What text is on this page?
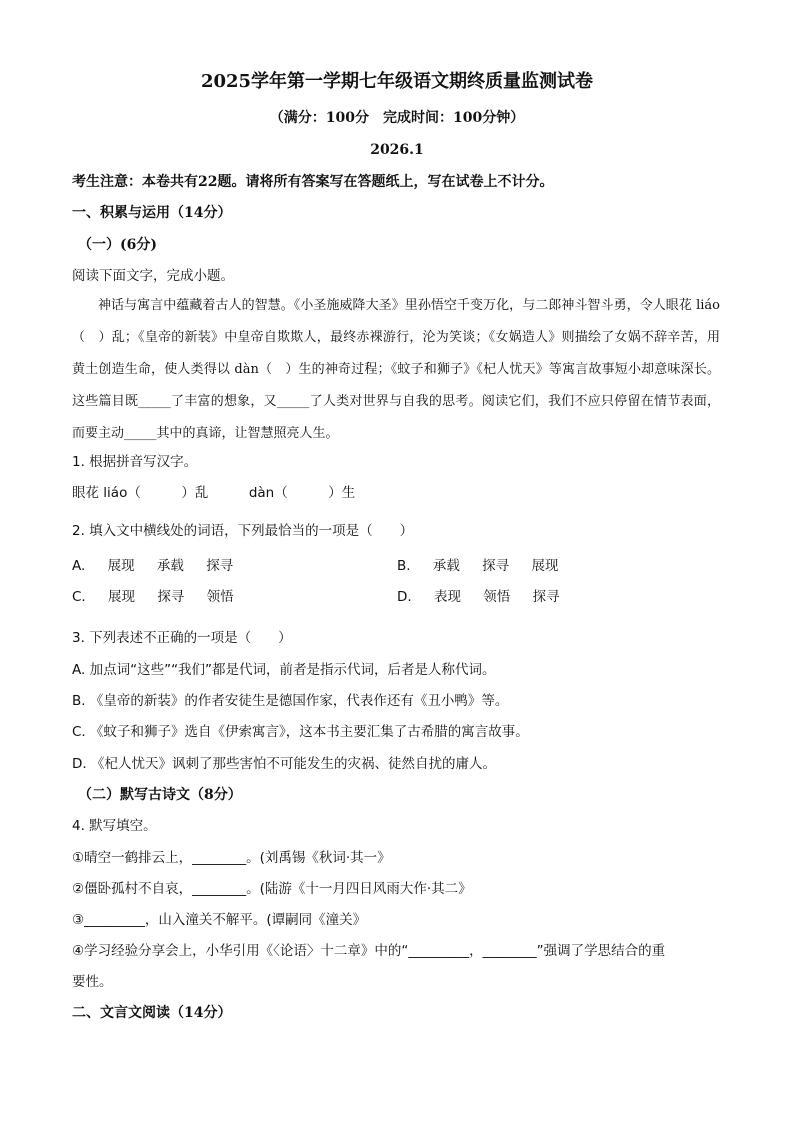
2025学年第一学期七年级语文期终质量监测试卷
（满分：100分　完成时间：100分钟）
2026.1
考生注意：本卷共有22题。请将所有答案写在答题纸上，写在试卷上不计分。
一、积累与运用（14分）
（一）(6分)
阅读下面文字，完成小题。

神话与寓言中蕴藏着古人的智慧。《小圣施威降大圣》里孙悟空千变万化，与二郎神斗智斗勇，令人眼花 liáo（　）乱；《皇帝的新装》中皇帝自欺欺人，最终赤裸游行，沦为笑谈；《女娲造人》则描绘了女娲不辞辛苦，用黄土创造生命，使人类得以 dàn（　）生的神奇过程；《蚊子和狮子》《杞人忧天》等寓言故事短小却意味深长。这些篇目既_____了丰富的想象，又_____了人类对世界与自我的思考。阅读它们，我们不应只停留在情节表面，而要主动_____其中的真谛，让智慧照亮人生。

1. 根据拼音写汉字。
眼花 liáo（　　　）乱　　　dàn（　　　）生
2. 填入文中横线处的词语，下列最恰当的一项是（　　）
A. 展现 承载 探寻	B. 承载 探寻 展现
C. 展现 探寻 领悟	D. 表现 领悟 探寻
3. 下列表述不正确的一项是（　　）
A. 加点词“这些”“我们”都是代词，前者是指示代词，后者是人称代词。
B. 《皇帝的新装》的作者安徒生是德国作家，代表作还有《丑小鸭》等。
C. 《蚊子和狮子》选自《伊索寓言》，这本书主要汇集了古希腊的寓言故事。
D. 《杞人忧天》讽刺了那些害怕不可能发生的灾祸、徒然自扰的庸人。
（二）默写古诗文（8分）
4. 默写填空。
①晴空一鹤排云上，________。(刘禹锡《秋词·其一》
②僵卧孤村不自哀，________。(陆游《十一月四日风雨大作·其二》
③_________，山入潼关不解平。(谭嗣同《潼关》
④学习经验分享会上，小华引用《〈论语〉十二章》中的“_________，________”强调了学思结合的重
要性。
二、文言文阅读（14分）
